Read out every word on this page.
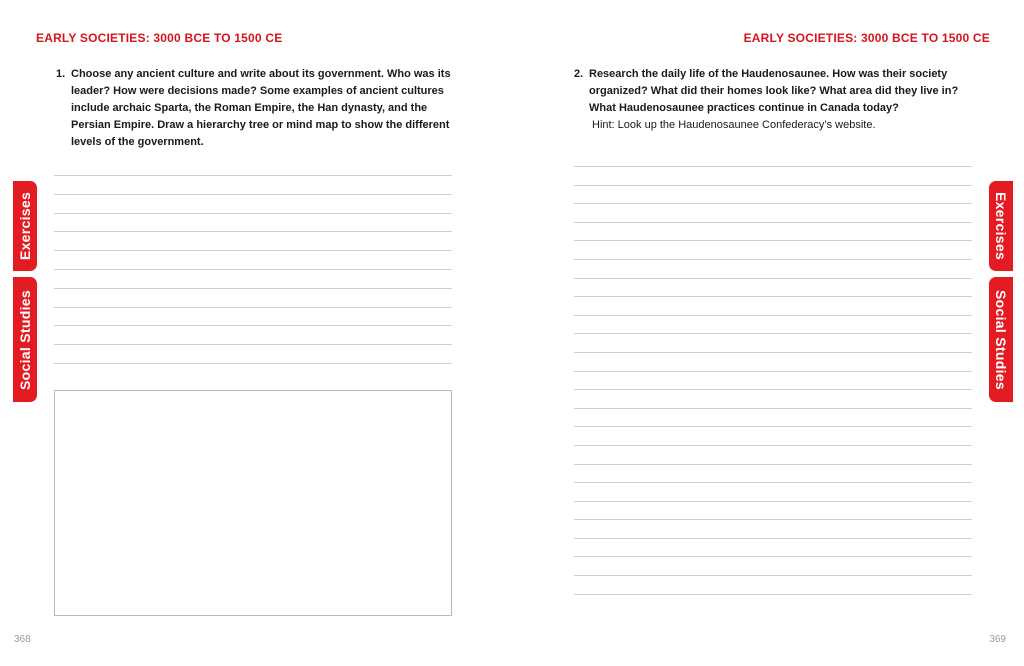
EARLY SOCIETIES: 3000 BCE TO 1500 CE
1. Choose any ancient culture and write about its government. Who was its leader? How were decisions made? Some examples of ancient cultures include archaic Sparta, the Roman Empire, the Han dynasty, and the Persian Empire. Draw a hierarchy tree or mind map to show the different levels of the government.
Exercises
Social Studies
368
EARLY SOCIETIES: 3000 BCE TO 1500 CE
2. Research the daily life of the Haudenosaunee. How was their society organized? What did their homes look like? What area did they live in? What Haudenosaunee practices continue in Canada today?
Hint: Look up the Haudenosaunee Confederacy’s website.
Exercises
Social Studies
369
